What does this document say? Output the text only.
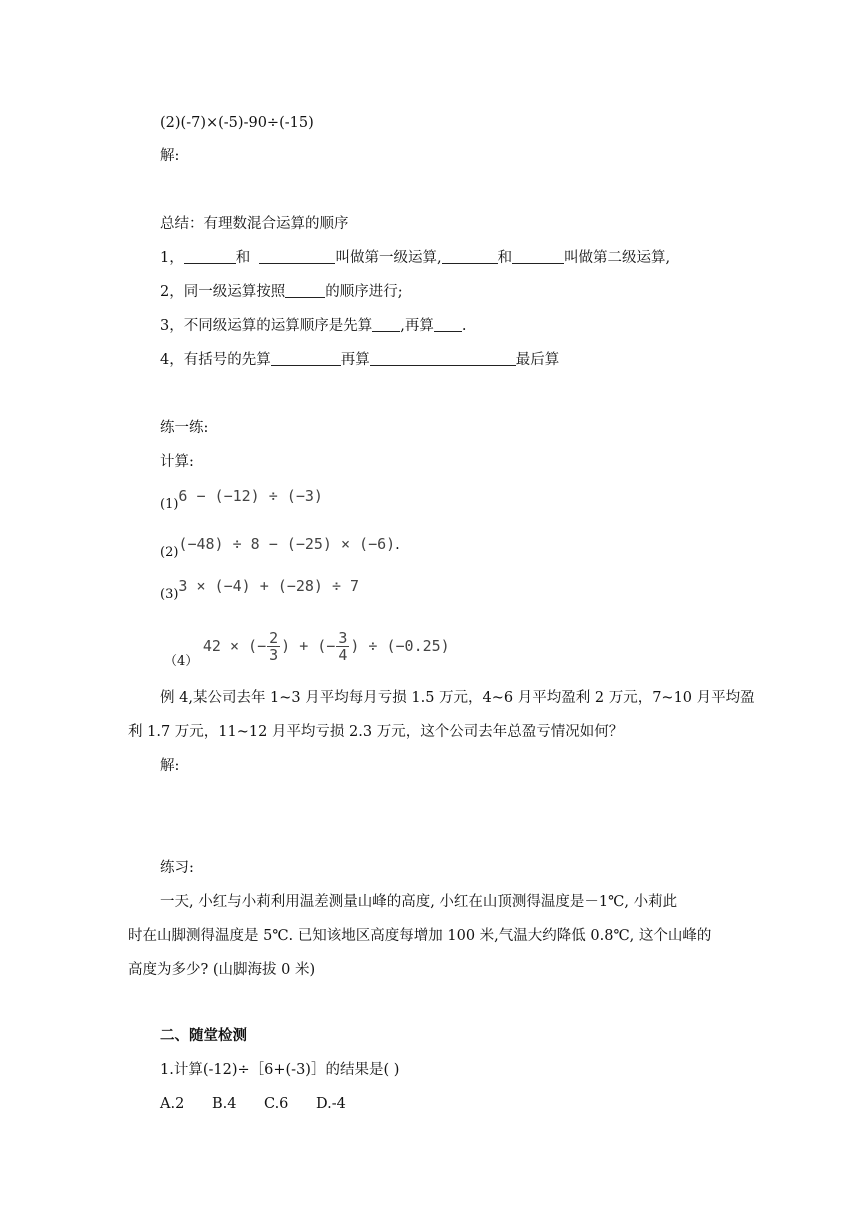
(2)(-7)×(-5)-90÷(-15)
解:
总结：有理数混合运算的顺序
1，	和	叫做第一级运算,	和	叫做第二级运算,
2，同一级运算按照	的顺序进行;
3，不同级运算的运算顺序是先算 ,再算 .
4，有括号的先算	再算	最后算
练一练:
计算:
(1)6 − (−12) ÷ (−3)
(2)(−48) ÷ 8 − (−25) × (−6).
(3)3 × (−4) + (−28) ÷ 7
（4） 42 × (− $\frac{2}{3}$ ) + (− $\frac{3}{4}$ ) ÷ (−0.25)
例 4,某公司去年 1~3 月平均每月亏损 1.5 万元，4~6 月平均盈利 2 万元，7~10 月平均盈
利 1.7 万元，11~12 月平均亏损 2.3 万元，这个公司去年总盈亏情况如何？
解:
练习:
一天, 小红与小莉利用温差测量山峰的高度, 小红在山顶测得温度是－1℃, 小莉此
时在山脚测得温度是 5℃. 已知该地区高度每增加 100 米,气温大约降低 0.8℃, 这个山峰的
高度为多少? (山脚海拔 0 米)
二、随堂检测
1.计算(-12)÷［6+(-3)］的结果是( )
A.2 B.4 C.6 D.-4
